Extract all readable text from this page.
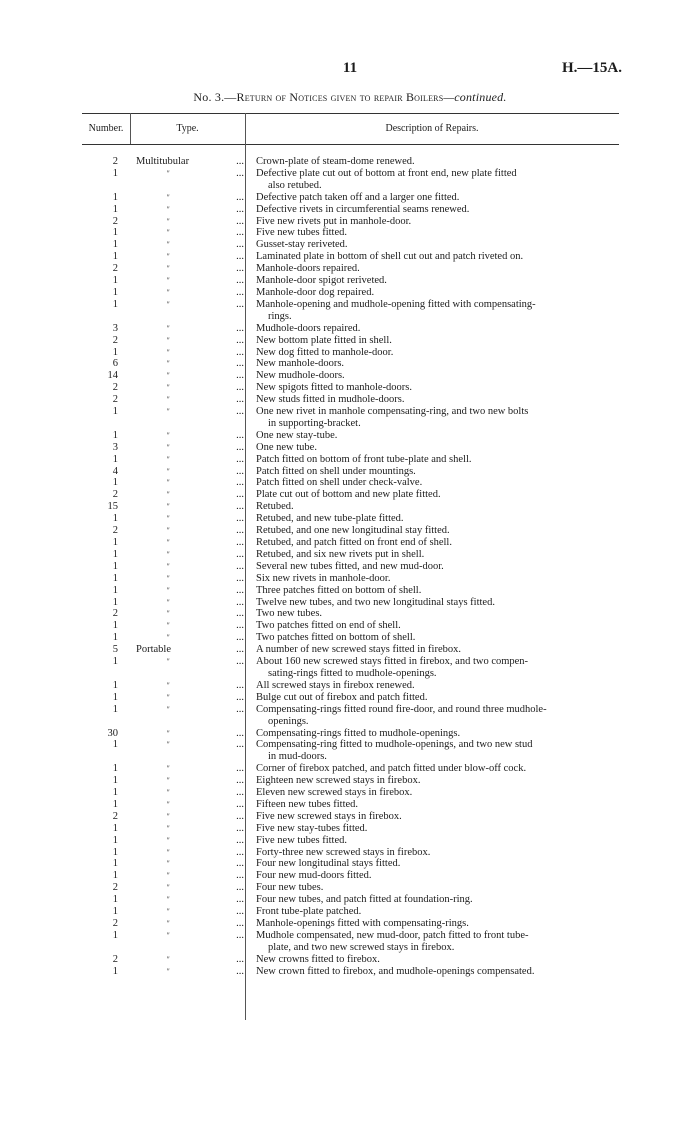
11	H.—15A.
No. 3.—Return of Notices given to repair Boilers—continued.
Number.	Type.	Description of Repairs.
2	Multitubular	...	Crown-plate of steam-dome renewed.
1	"	...	Defective plate cut out of bottom at front end, new plate fitted
also retubed.
1	"	...	Defective patch taken off and a larger one fitted.
1	"	...	Defective rivets in circumferential seams renewed.
2	"	...	Five new rivets put in manhole-door.
1	"	...	Five new tubes fitted.
1	"	...	Gusset-stay reriveted.
1	"	...	Laminated plate in bottom of shell cut out and patch riveted on.
2	"	...	Manhole-doors repaired.
1	"	...	Manhole-door spigot reriveted.
1	"	...	Manhole-door dog repaired.
1	"	...	Manhole-opening and mudhole-opening fitted with compensating-
rings.
3	"	...	Mudhole-doors repaired.
2	"	...	New bottom plate fitted in shell.
1	"	...	New dog fitted to manhole-door.
6	"	...	New manhole-doors.
14	"	...	New mudhole-doors.
2	"	...	New spigots fitted to manhole-doors.
2	"	...	New studs fitted in mudhole-doors.
1	"	...	One new rivet in manhole compensating-ring, and two new bolts
in supporting-bracket.
1	"	...	One new stay-tube.
3	"	...	One new tube.
1	"	...	Patch fitted on bottom of front tube-plate and shell.
4	"	...	Patch fitted on shell under mountings.
1	"	...	Patch fitted on shell under check-valve.
2	"	...	Plate cut out of bottom and new plate fitted.
15	"	...	Retubed.
1	"	...	Retubed, and new tube-plate fitted.
2	"	...	Retubed, and one new longitudinal stay fitted.
1	"	...	Retubed, and patch fitted on front end of shell.
1	"	...	Retubed, and six new rivets put in shell.
1	"	...	Several new tubes fitted, and new mud-door.
1	"	...	Six new rivets in manhole-door.
1	"	...	Three patches fitted on bottom of shell.
1	"	...	Twelve new tubes, and two new longitudinal stays fitted.
2	"	...	Two new tubes.
1	"	...	Two patches fitted on end of shell.
1	"	...	Two patches fitted on bottom of shell.
5	Portable	...	A number of new screwed stays fitted in firebox.
1	"	...	About 160 new screwed stays fitted in firebox, and two compen-
sating-rings fitted to mudhole-openings.
1	"	...	All screwed stays in firebox renewed.
1	"	...	Bulge cut out of firebox and patch fitted.
1	"	...	Compensating-rings fitted round fire-door, and round three mudhole-
openings.
30	"	...	Compensating-rings fitted to mudhole-openings.
1	"	...	Compensating-ring fitted to mudhole-openings, and two new stud
in mud-doors.
1	"	...	Corner of firebox patched, and patch fitted under blow-off cock.
1	"	...	Eighteen new screwed stays in firebox.
1	"	...	Eleven new screwed stays in firebox.
1	"	...	Fifteen new tubes fitted.
2	"	...	Five new screwed stays in firebox.
1	"	...	Five new stay-tubes fitted.
1	"	...	Five new tubes fitted.
1	"	...	Forty-three new screwed stays in firebox.
1	"	...	Four new longitudinal stays fitted.
1	"	...	Four new mud-doors fitted.
2	"	...	Four new tubes.
1	"	...	Four new tubes, and patch fitted at foundation-ring.
1	"	...	Front tube-plate patched.
2	"	...	Manhole-openings fitted with compensating-rings.
1	"	...	Mudhole compensated, new mud-door, patch fitted to front tube-
plate, and two new screwed stays in firebox.
2	"	...	New crowns fitted to firebox.
1	"	...	New crown fitted to firebox, and mudhole-openings compensated.
